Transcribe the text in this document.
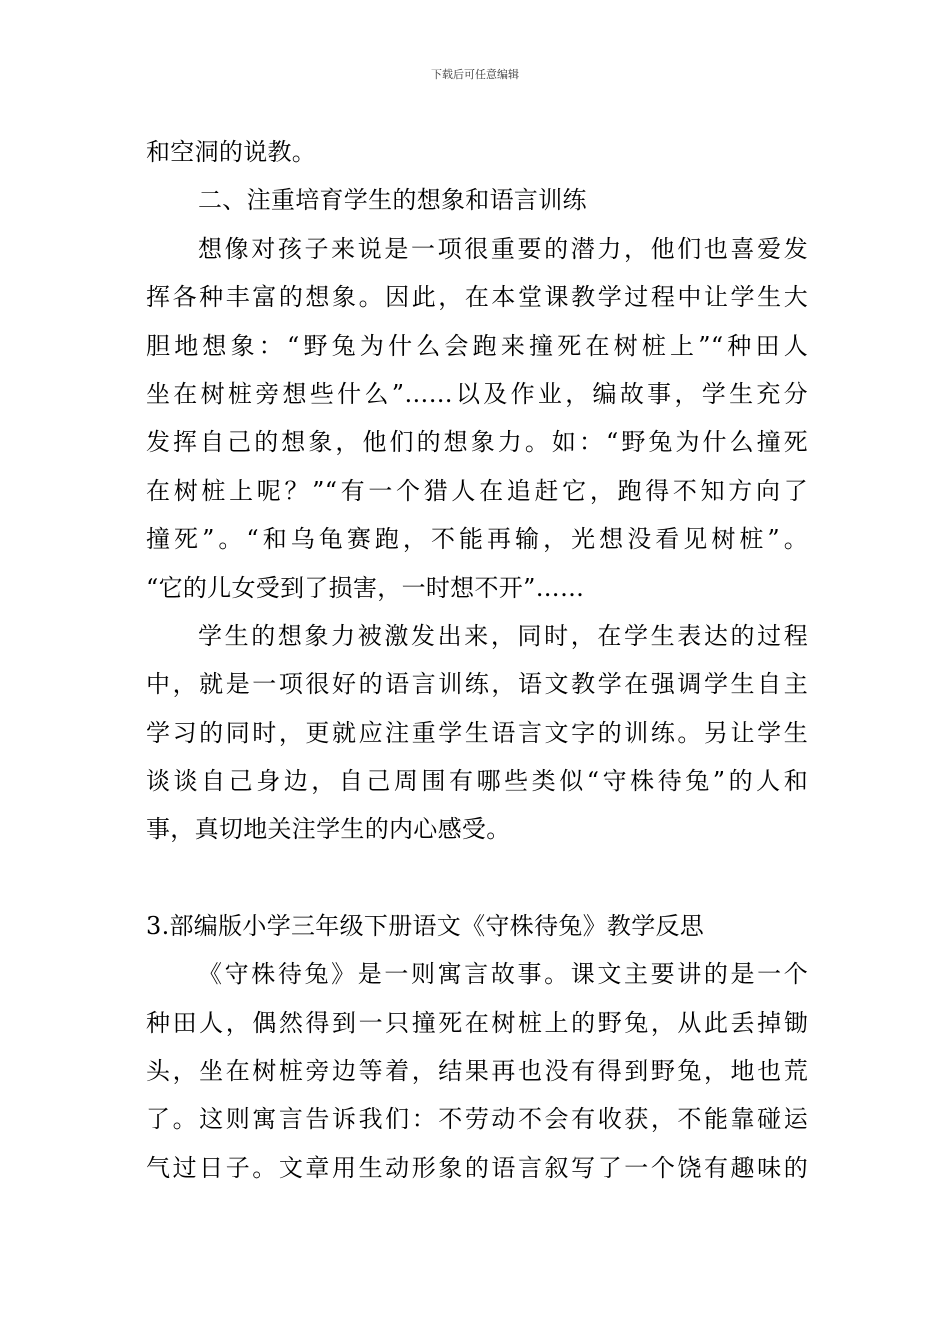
下载后可任意编辑
和空洞的说教。
二、注重培育学生的想象和语言训练
想像对孩子来说是一项很重要的潜力，他们也喜爱发
挥各种丰富的想象。因此，在本堂课教学过程中让学生大
胆地想象：“野兔为什么会跑来撞死在树桩上”“种田人
坐在树桩旁想些什么”……以及作业，编故事，学生充分
发挥自己的想象，他们的想象力。如：“野兔为什么撞死
在树桩上呢？”“有一个猎人在追赶它，跑得不知方向了
撞死”。“和乌龟赛跑，不能再输，光想没看见树桩”。
“它的儿女受到了损害，一时想不开”……
学生的想象力被激发出来，同时，在学生表达的过程
中，就是一项很好的语言训练，语文教学在强调学生自主
学习的同时，更就应注重学生语言文字的训练。另让学生
谈谈自己身边，自己周围有哪些类似“守株待兔”的人和
事，真切地关注学生的内心感受。
3.部编版小学三年级下册语文《守株待兔》教学反思
《守株待兔》是一则寓言故事。课文主要讲的是一个
种田人，偶然得到一只撞死在树桩上的野兔，从此丢掉锄
头，坐在树桩旁边等着，结果再也没有得到野兔，地也荒
了。这则寓言告诉我们：不劳动不会有收获，不能靠碰运
气过日子。文章用生动形象的语言叙写了一个饶有趣味的
